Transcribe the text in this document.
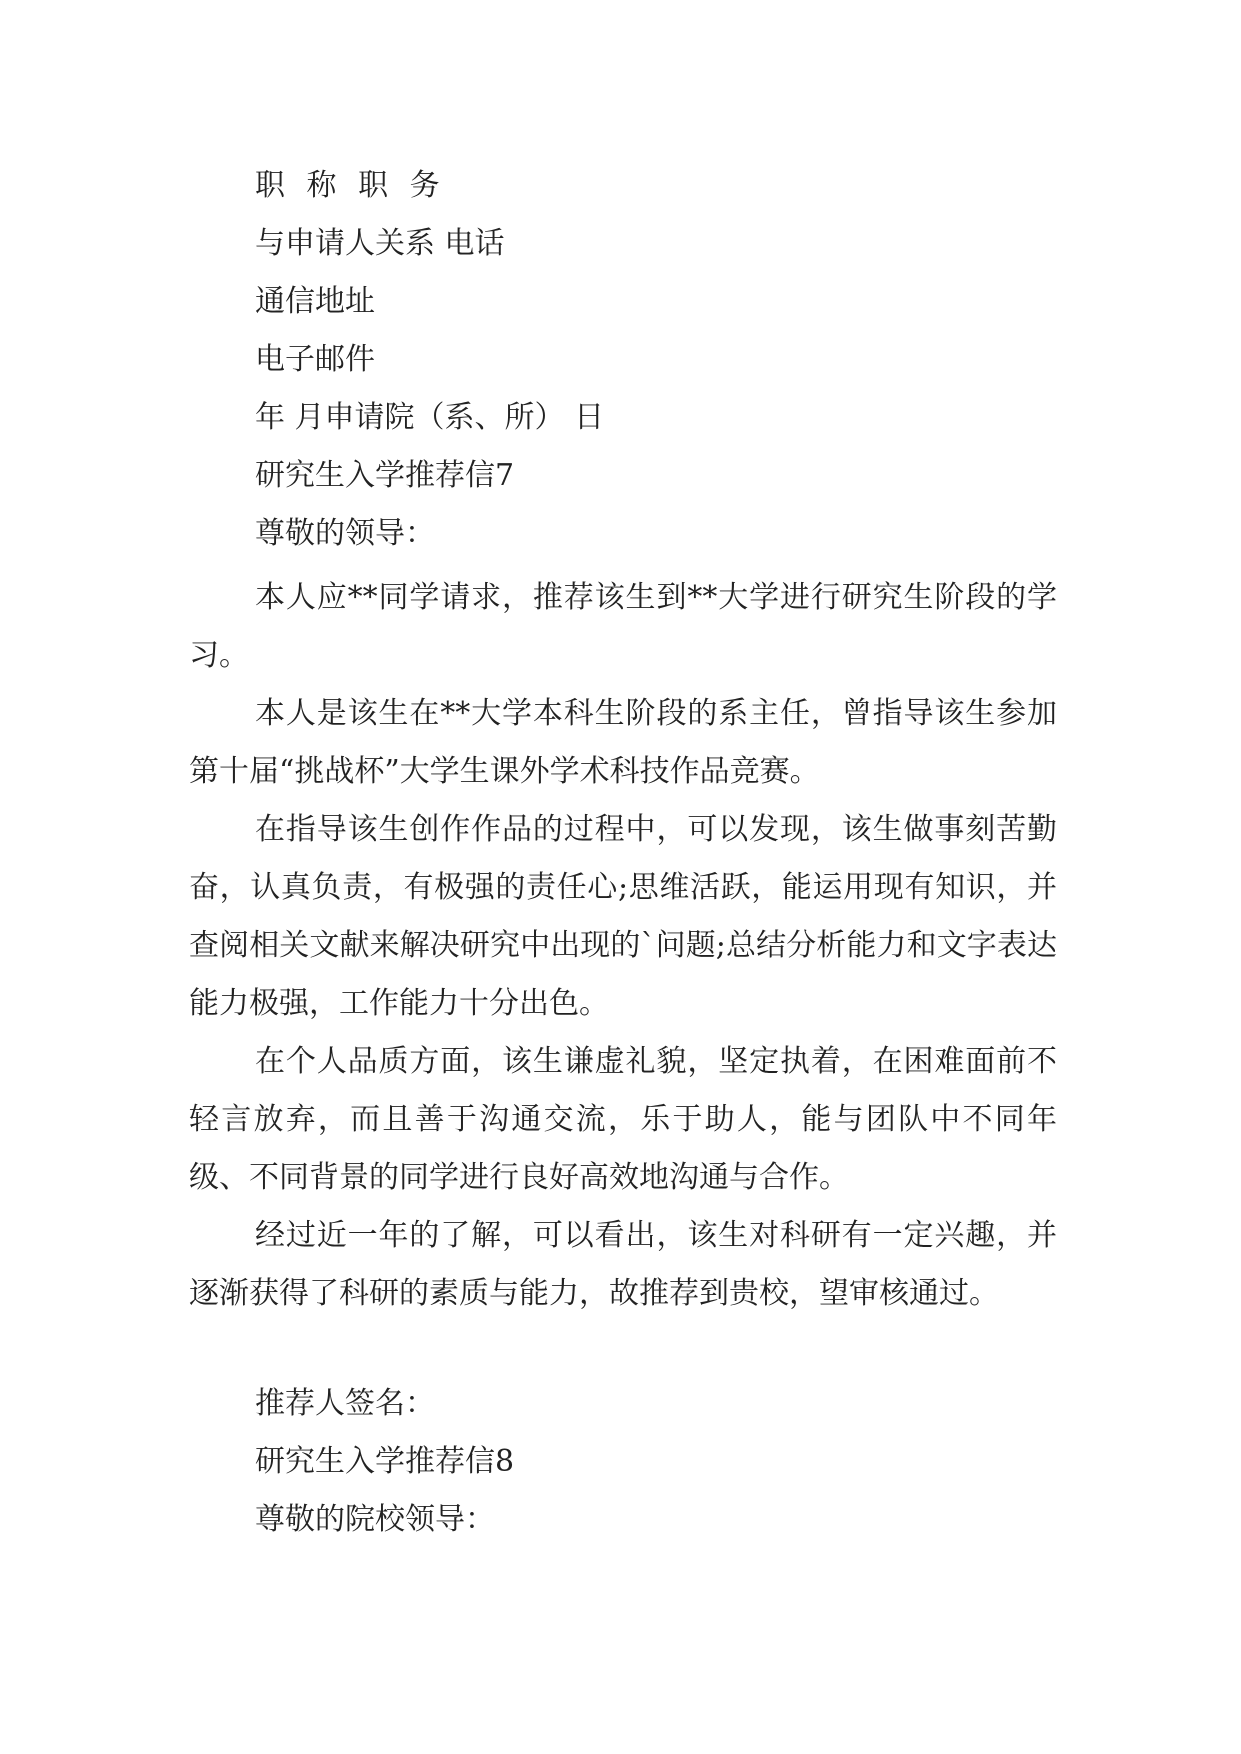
职 称 职 务
与申请人关系 电话
通信地址
电子邮件
年 月申请院（系、所） 日
研究生入学推荐信7
尊敬的领导：

本人应**同学请求，推荐该生到**大学进行研究生阶段的学习。

本人是该生在**大学本科生阶段的系主任，曾指导该生参加第十届“挑战杯”大学生课外学术科技作品竞赛。

在指导该生创作作品的过程中，可以发现，该生做事刻苦勤奋，认真负责，有极强的责任心;思维活跃，能运用现有知识，并查阅相关文献来解决研究中出现的`问题;总结分析能力和文字表达能力极强，工作能力十分出色。

在个人品质方面，该生谦虚礼貌，坚定执着，在困难面前不轻言放弃，而且善于沟通交流，乐于助人，能与团队中不同年级、不同背景的同学进行良好高效地沟通与合作。

经过近一年的了解，可以看出，该生对科研有一定兴趣，并逐渐获得了科研的素质与能力，故推荐到贵校，望审核通过。

推荐人签名：
研究生入学推荐信8
尊敬的院校领导：
